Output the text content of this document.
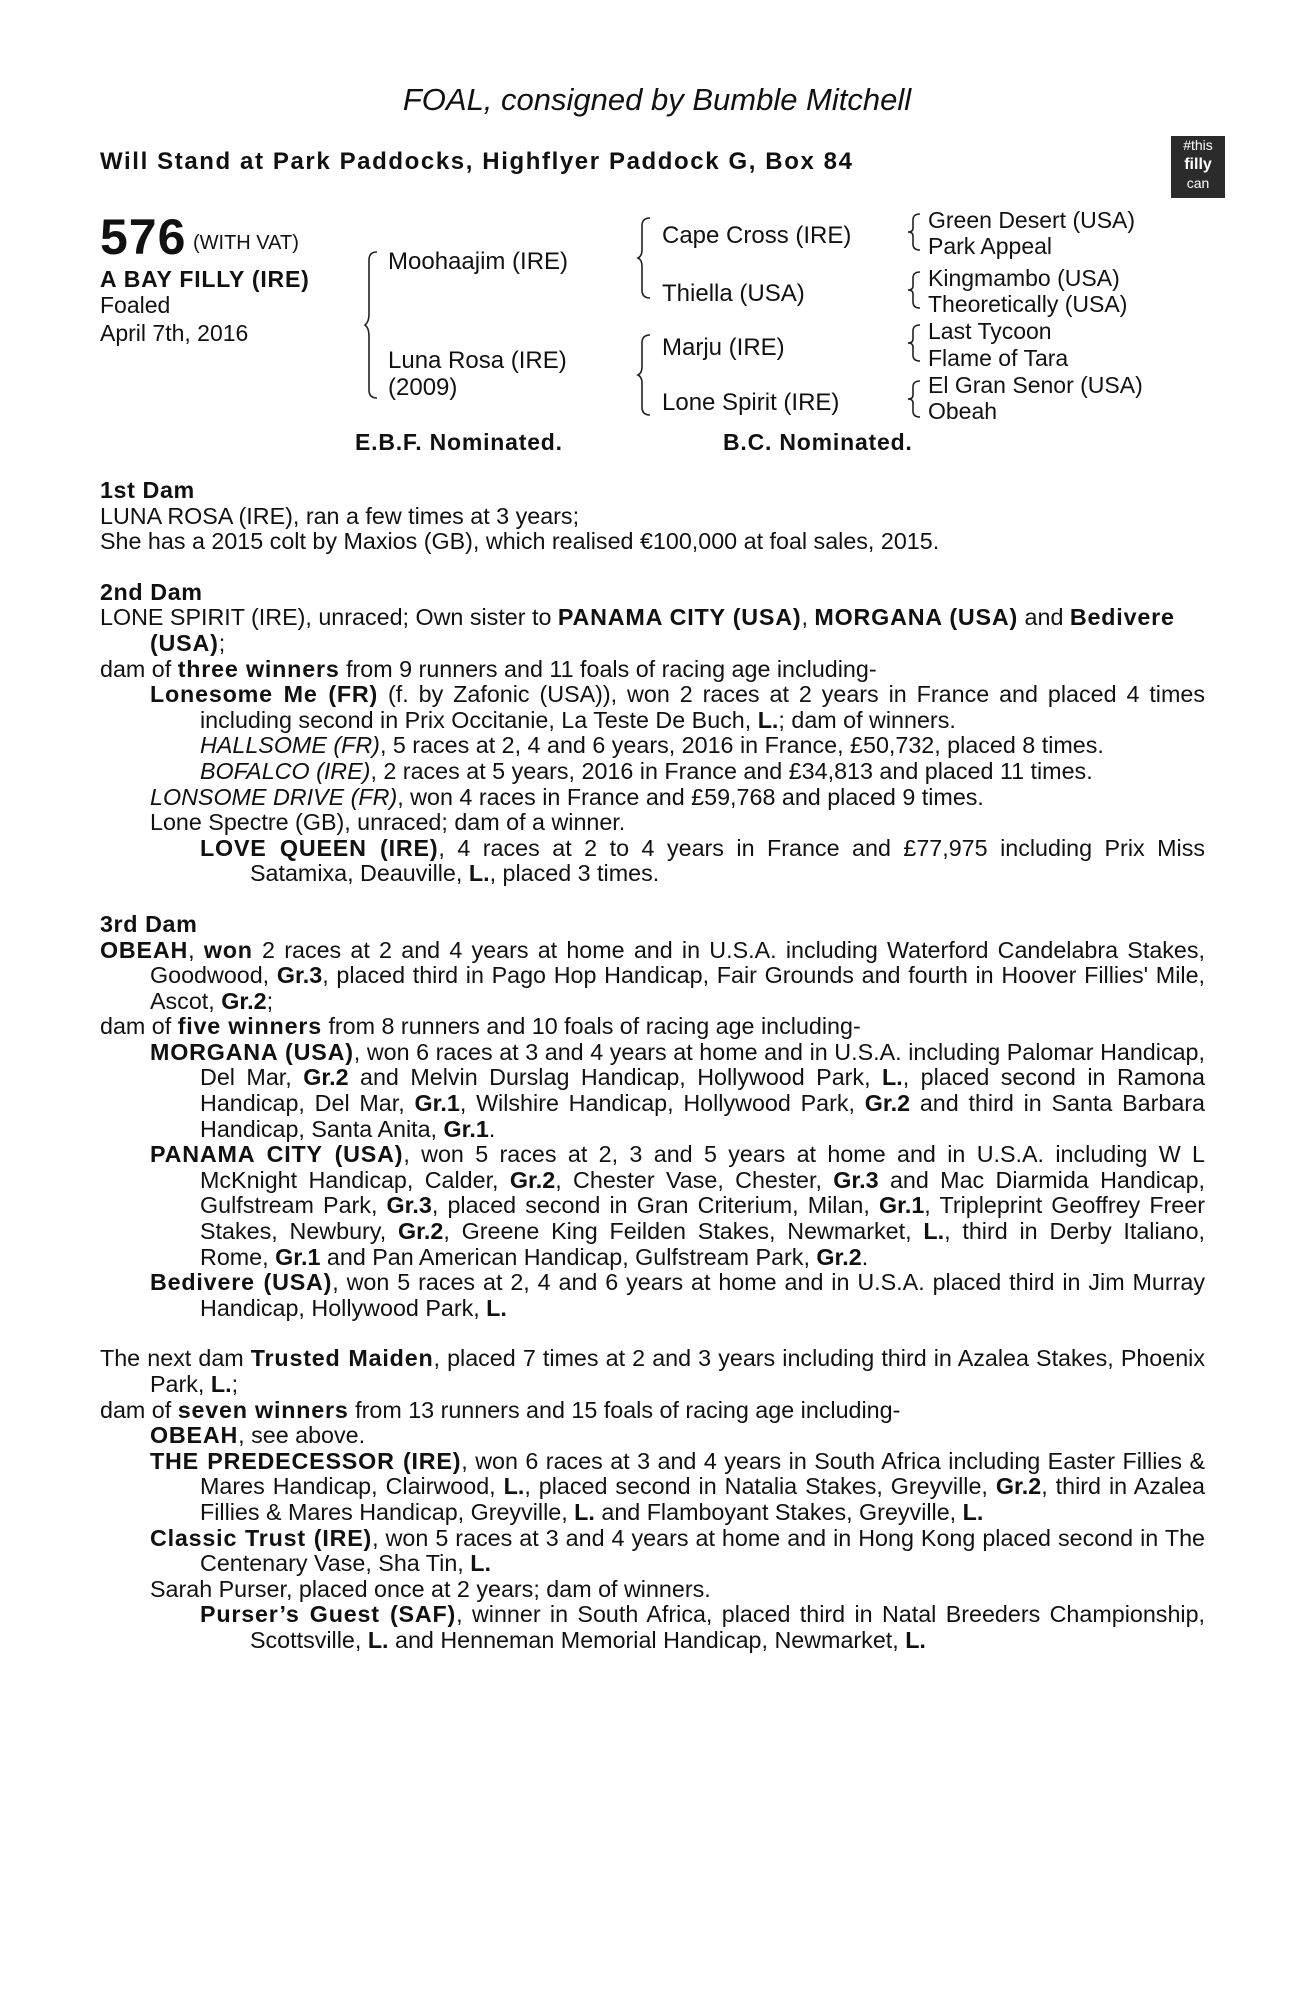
FOAL, consigned by Bumble Mitchell
Will Stand at Park Paddocks, Highflyer Paddock G, Box 84
#this
filly
can
576 (WITH VAT)
A BAY FILLY (IRE)
Foaled
April 7th, 2016
Moohaajim (IRE)
Luna Rosa (IRE)
(2009)
Cape Cross (IRE)
Thiella (USA)
Marju (IRE)
Lone Spirit (IRE)
Green Desert (USA)
Park Appeal
Kingmambo (USA)
Theoretically (USA)
Last Tycoon
Flame of Tara
El Gran Senor (USA)
Obeah
E.B.F. Nominated.	B.C. Nominated.

1st Dam

LUNA ROSA (IRE), ran a few times at 3 years;

She has a 2015 colt by Maxios (GB), which realised €100,000 at foal sales, 2015.

2nd Dam

LONE SPIRIT (IRE), unraced; Own sister to PANAMA CITY (USA), MORGANA (USA) and Bedivere (USA);

dam of three winners from 9 runners and 11 foals of racing age including-

Lonesome Me (FR) (f. by Zafonic (USA)), won 2 races at 2 years in France and placed 4 times including second in Prix Occitanie, La Teste De Buch, L.; dam of winners.

HALLSOME (FR), 5 races at 2, 4 and 6 years, 2016 in France, £50,732, placed 8 times.

BOFALCO (IRE), 2 races at 5 years, 2016 in France and £34,813 and placed 11 times.

LONSOME DRIVE (FR), won 4 races in France and £59,768 and placed 9 times.

Lone Spectre (GB), unraced; dam of a winner.

LOVE QUEEN (IRE), 4 races at 2 to 4 years in France and £77,975 including Prix Miss Satamixa, Deauville, L., placed 3 times.

3rd Dam

OBEAH, won 2 races at 2 and 4 years at home and in U.S.A. including Waterford Candelabra Stakes, Goodwood, Gr.3, placed third in Pago Hop Handicap, Fair Grounds and fourth in Hoover Fillies' Mile, Ascot, Gr.2;

dam of five winners from 8 runners and 10 foals of racing age including-

MORGANA (USA), won 6 races at 3 and 4 years at home and in U.S.A. including Palomar Handicap, Del Mar, Gr.2 and Melvin Durslag Handicap, Hollywood Park, L., placed second in Ramona Handicap, Del Mar, Gr.1, Wilshire Handicap, Hollywood Park, Gr.2 and third in Santa Barbara Handicap, Santa Anita, Gr.1.

PANAMA CITY (USA), won 5 races at 2, 3 and 5 years at home and in U.S.A. including W L McKnight Handicap, Calder, Gr.2, Chester Vase, Chester, Gr.3 and Mac Diarmida Handicap, Gulfstream Park, Gr.3, placed second in Gran Criterium, Milan, Gr.1, Tripleprint Geoffrey Freer Stakes, Newbury, Gr.2, Greene King Feilden Stakes, Newmarket, L., third in Derby Italiano, Rome, Gr.1 and Pan American Handicap, Gulfstream Park, Gr.2.

Bedivere (USA), won 5 races at 2, 4 and 6 years at home and in U.S.A. placed third in Jim Murray Handicap, Hollywood Park, L.

The next dam Trusted Maiden, placed 7 times at 2 and 3 years including third in Azalea Stakes, Phoenix Park, L.;

dam of seven winners from 13 runners and 15 foals of racing age including-

OBEAH, see above.

THE PREDECESSOR (IRE), won 6 races at 3 and 4 years in South Africa including Easter Fillies & Mares Handicap, Clairwood, L., placed second in Natalia Stakes, Greyville, Gr.2, third in Azalea Fillies & Mares Handicap, Greyville, L. and Flamboyant Stakes, Greyville, L.

Classic Trust (IRE), won 5 races at 3 and 4 years at home and in Hong Kong placed second in The Centenary Vase, Sha Tin, L.

Sarah Purser, placed once at 2 years; dam of winners.

Purser’s Guest (SAF), winner in South Africa, placed third in Natal Breeders Championship, Scottsville, L. and Henneman Memorial Handicap, Newmarket, L.
